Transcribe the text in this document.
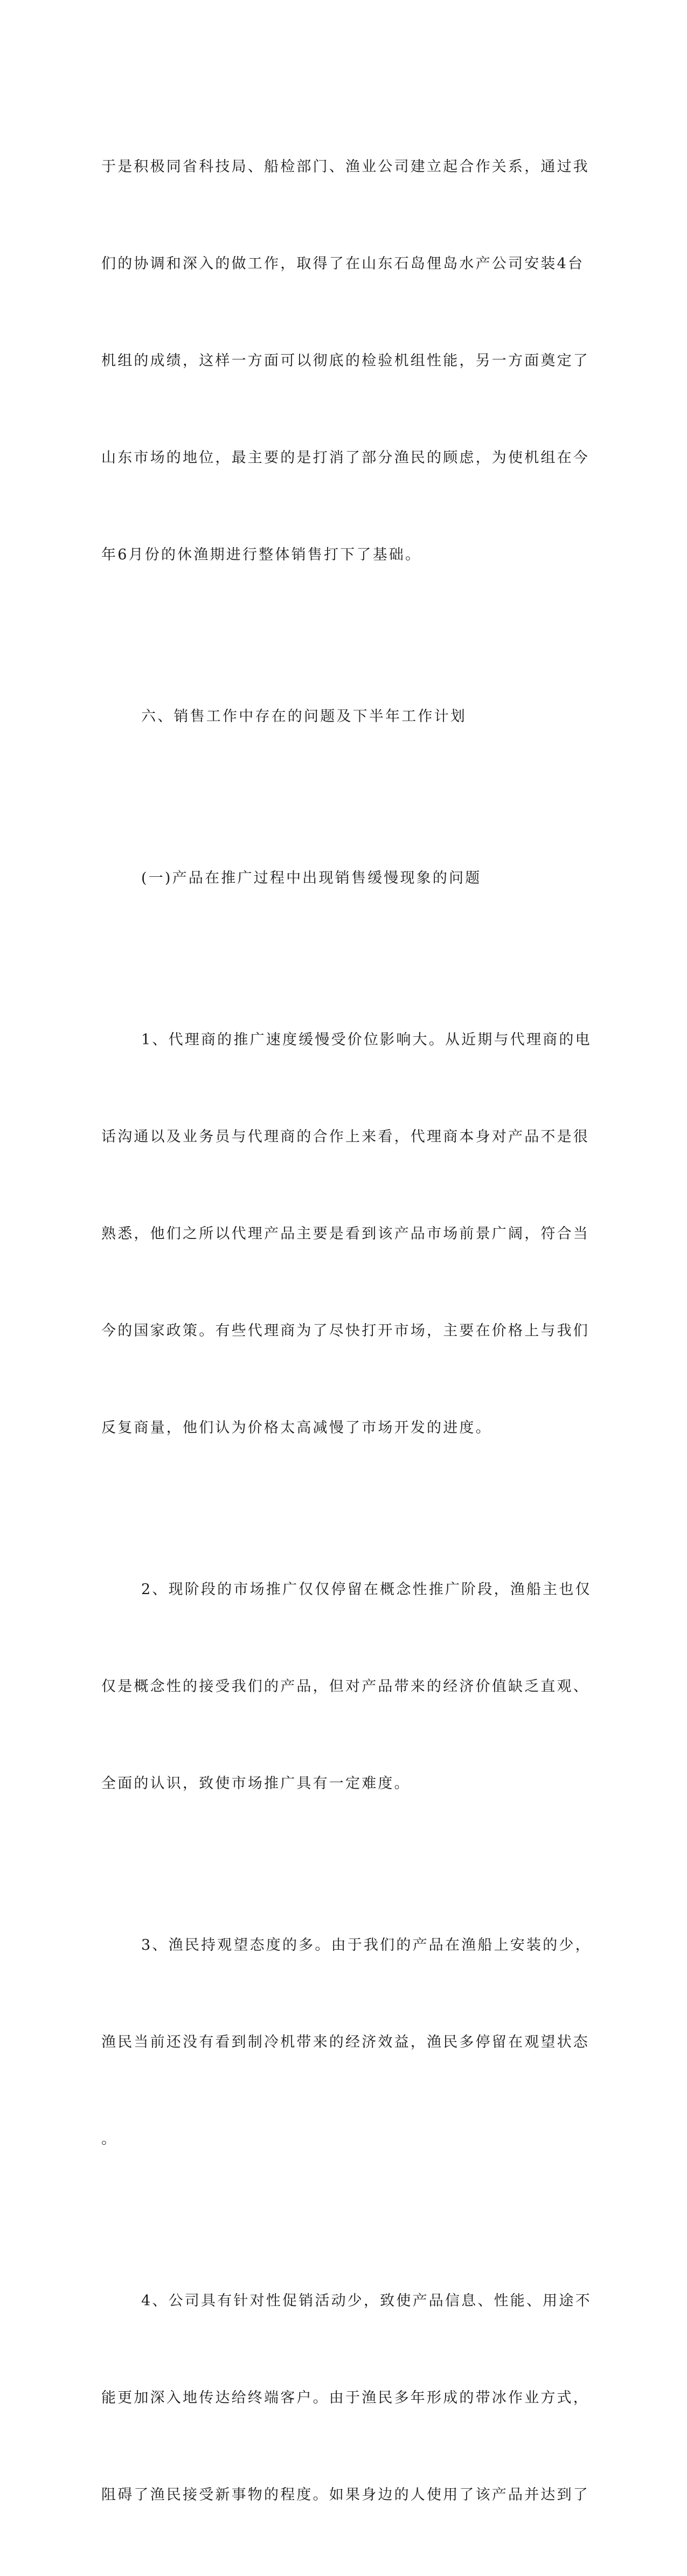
于是积极同省科技局、船检部门、渔业公司建立起合作关系，通过我

们的协调和深入的做工作，取得了在山东石岛俚岛水产公司安装4台

机组的成绩，这样一方面可以彻底的检验机组性能，另一方面奠定了

山东市场的地位，最主要的是打消了部分渔民的顾虑，为使机组在今

年6月份的休渔期进行整体销售打下了基础。

六、销售工作中存在的问题及下半年工作计划

(一)产品在推广过程中出现销售缓慢现象的问题

1、代理商的推广速度缓慢受价位影响大。从近期与代理商的电

话沟通以及业务员与代理商的合作上来看，代理商本身对产品不是很

熟悉，他们之所以代理产品主要是看到该产品市场前景广阔，符合当

今的国家政策。有些代理商为了尽快打开市场，主要在价格上与我们

反复商量，他们认为价格太高减慢了市场开发的进度。

2、现阶段的市场推广仅仅停留在概念性推广阶段，渔船主也仅

仅是概念性的接受我们的产品，但对产品带来的经济价值缺乏直观、

全面的认识，致使市场推广具有一定难度。

3、渔民持观望态度的多。由于我们的产品在渔船上安装的少，

渔民当前还没有看到制冷机带来的经济效益，渔民多停留在观望状态

。

4、公司具有针对性促销活动少，致使产品信息、性能、用途不

能更加深入地传达给终端客户。由于渔民多年形成的带冰作业方式，

阻碍了渔民接受新事物的程度。如果身边的人使用了该产品并达到了
